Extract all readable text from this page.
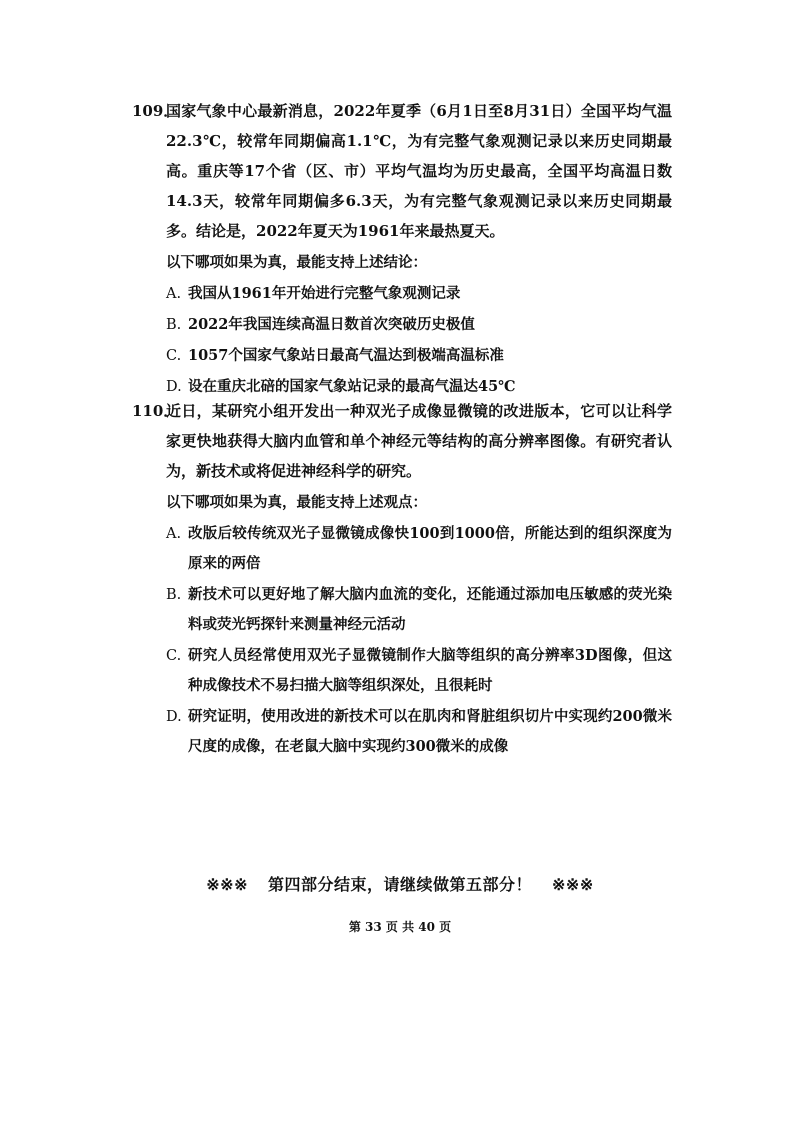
109．
国家气象中心最新消息，2022年夏季（6月1日至8月31日）全国平均气温22.3℃，较常年同期偏高1.1℃，为有完整气象观测记录以来历史同期最高。重庆等17个省（区、市）平均气温均为历史最高，全国平均高温日数14.3天，较常年同期偏多6.3天，为有完整气象观测记录以来历史同期最多。结论是，2022年夏天为1961年来最热夏天。
以下哪项如果为真，最能支持上述结论：
A. 我国从1961年开始进行完整气象观测记录
B. 2022年我国连续高温日数首次突破历史极值
C. 1057个国家气象站日最高气温达到极端高温标准
D. 设在重庆北碚的国家气象站记录的最高气温达45℃
110．
近日，某研究小组开发出一种双光子成像显微镜的改进版本，它可以让科学家更快地获得大脑内血管和单个神经元等结构的高分辨率图像。有研究者认为，新技术或将促进神经科学的研究。
以下哪项如果为真，最能支持上述观点：
A. 改版后较传统双光子显微镜成像快100到1000倍，所能达到的组织深度为原来的两倍
B. 新技术可以更好地了解大脑内血流的变化，还能通过添加电压敏感的荧光染料或荧光钙探针来测量神经元活动
C. 研究人员经常使用双光子显微镜制作大脑等组织的高分辨率3D图像，但这种成像技术不易扫描大脑等组织深处，且很耗时
D. 研究证明，使用改进的新技术可以在肌肉和肾脏组织切片中实现约200微米尺度的成像，在老鼠大脑中实现约300微米的成像
※※※ 第四部分结束，请继续做第五部分！ ※※※
第 33 页 共 40 页
